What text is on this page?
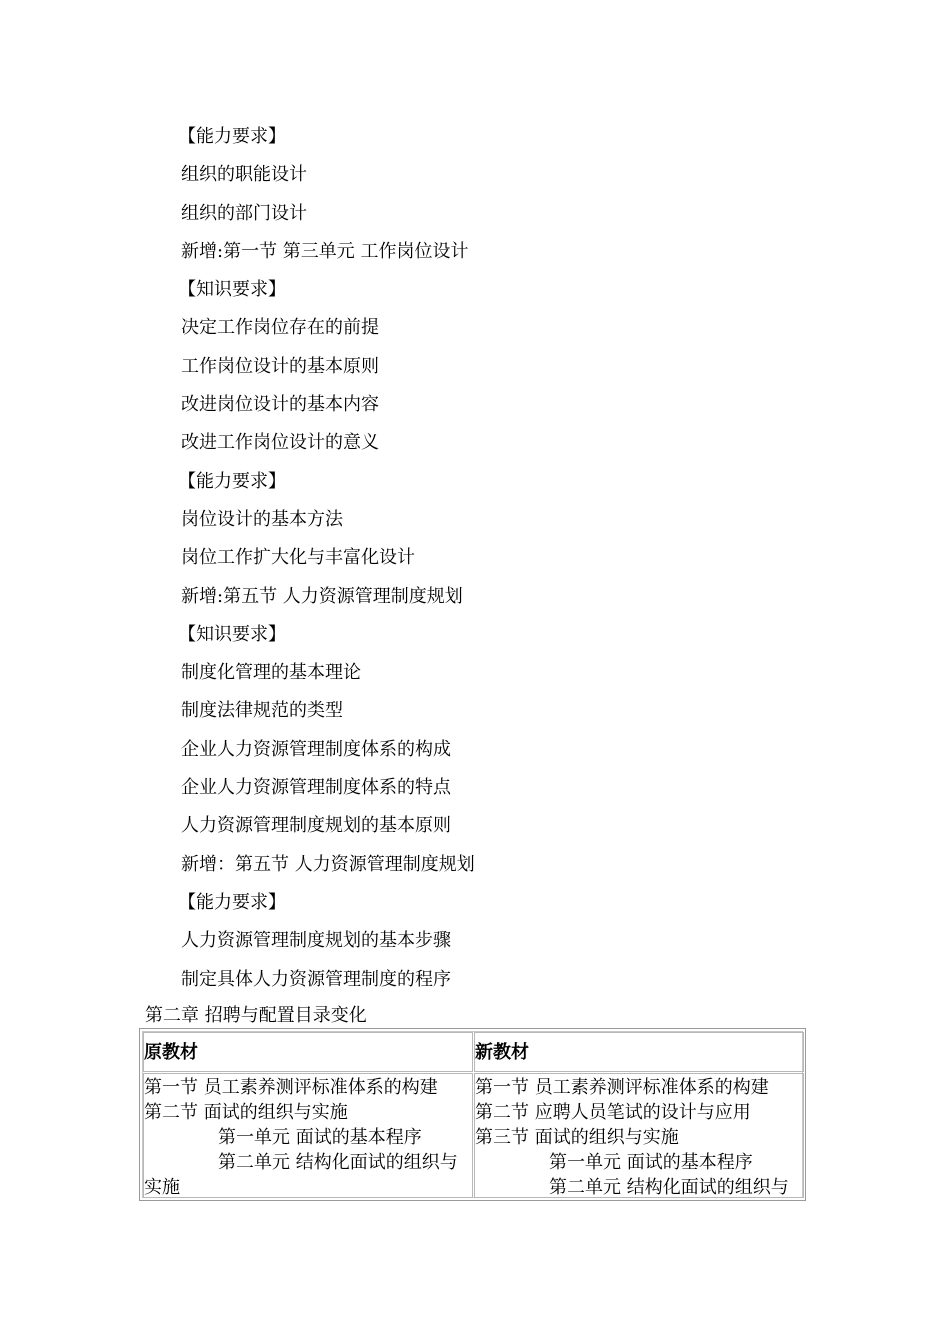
【能力要求】
组织的职能设计
组织的部门设计
新增:第一节 第三单元 工作岗位设计
【知识要求】
决定工作岗位存在的前提
工作岗位设计的基本原则
改进岗位设计的基本内容
改进工作岗位设计的意义
【能力要求】
岗位设计的基本方法
岗位工作扩大化与丰富化设计
新增:第五节 人力资源管理制度规划
【知识要求】
制度化管理的基本理论
制度法律规范的类型
企业人力资源管理制度体系的构成
企业人力资源管理制度体系的特点
人力资源管理制度规划的基本原则
新增：第五节 人力资源管理制度规划
【能力要求】
人力资源管理制度规划的基本步骤
制定具体人力资源管理制度的程序
第二章 招聘与配置目录变化
原教材	新教材
第一节 员工素养测评标准体系的构建
第二节 面试的组织与实施
第一单元 面试的基本程序
第二单元 结构化面试的组织与
实施
第一节 员工素养测评标准体系的构建
第二节 应聘人员笔试的设计与应用
第三节 面试的组织与实施
第一单元 面试的基本程序
第二单元 结构化面试的组织与
